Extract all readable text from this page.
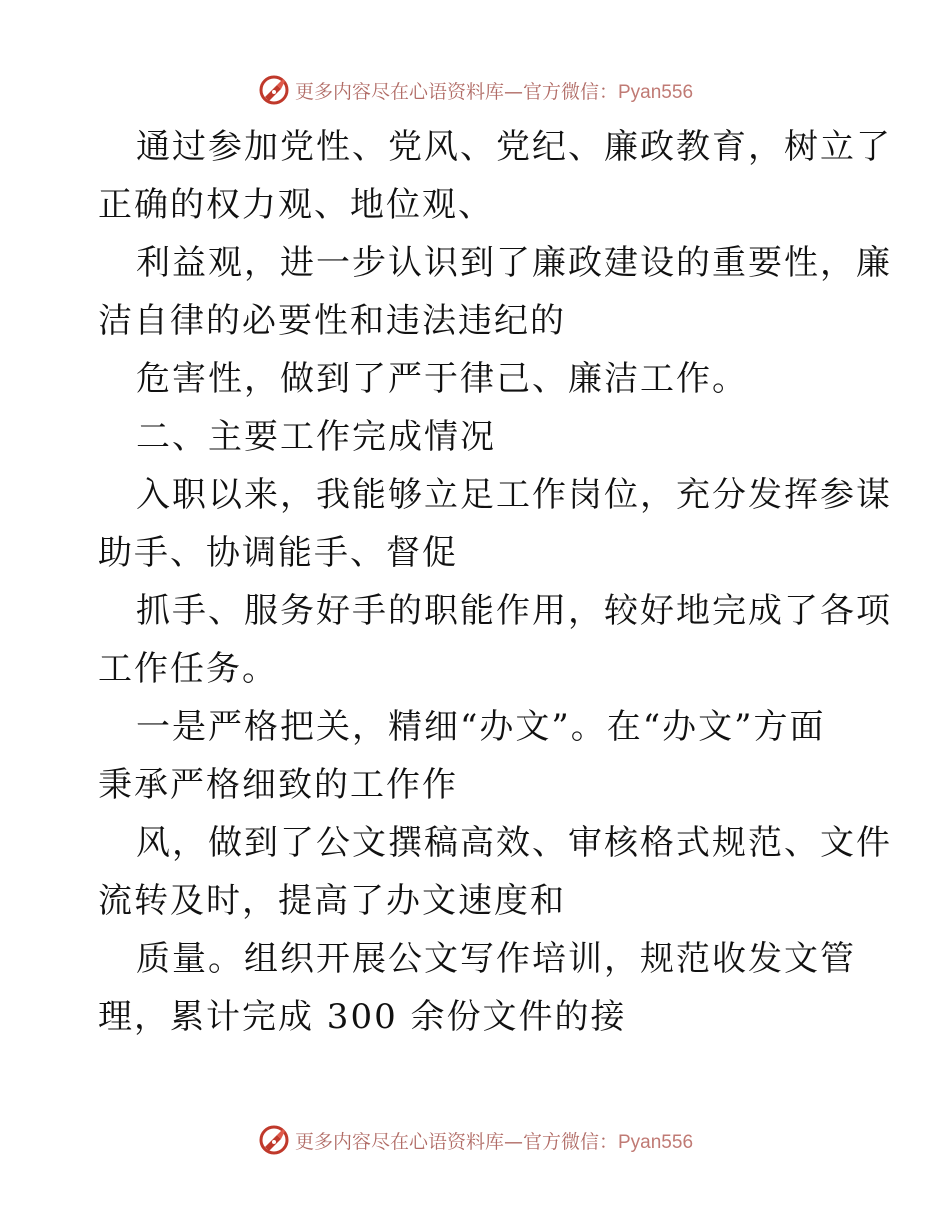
更多内容尽在心语资料库—官方微信：Pyan556
通过参加党性、党风、党纪、廉政教育，树立了
正确的权力观、地位观、
利益观，进一步认识到了廉政建设的重要性，廉
洁自律的必要性和违法违纪的
危害性，做到了严于律己、廉洁工作。
二、主要工作完成情况
入职以来，我能够立足工作岗位，充分发挥参谋
助手、协调能手、督促
抓手、服务好手的职能作用，较好地完成了各项
工作任务。
一是严格把关，精细“办文”。在“办文”方面
秉承严格细致的工作作
风，做到了公文撰稿高效、审核格式规范、文件
流转及时，提高了办文速度和
质量。组织开展公文写作培训，规范收发文管
理，累计完成 300 余份文件的接
更多内容尽在心语资料库—官方微信：Pyan556
